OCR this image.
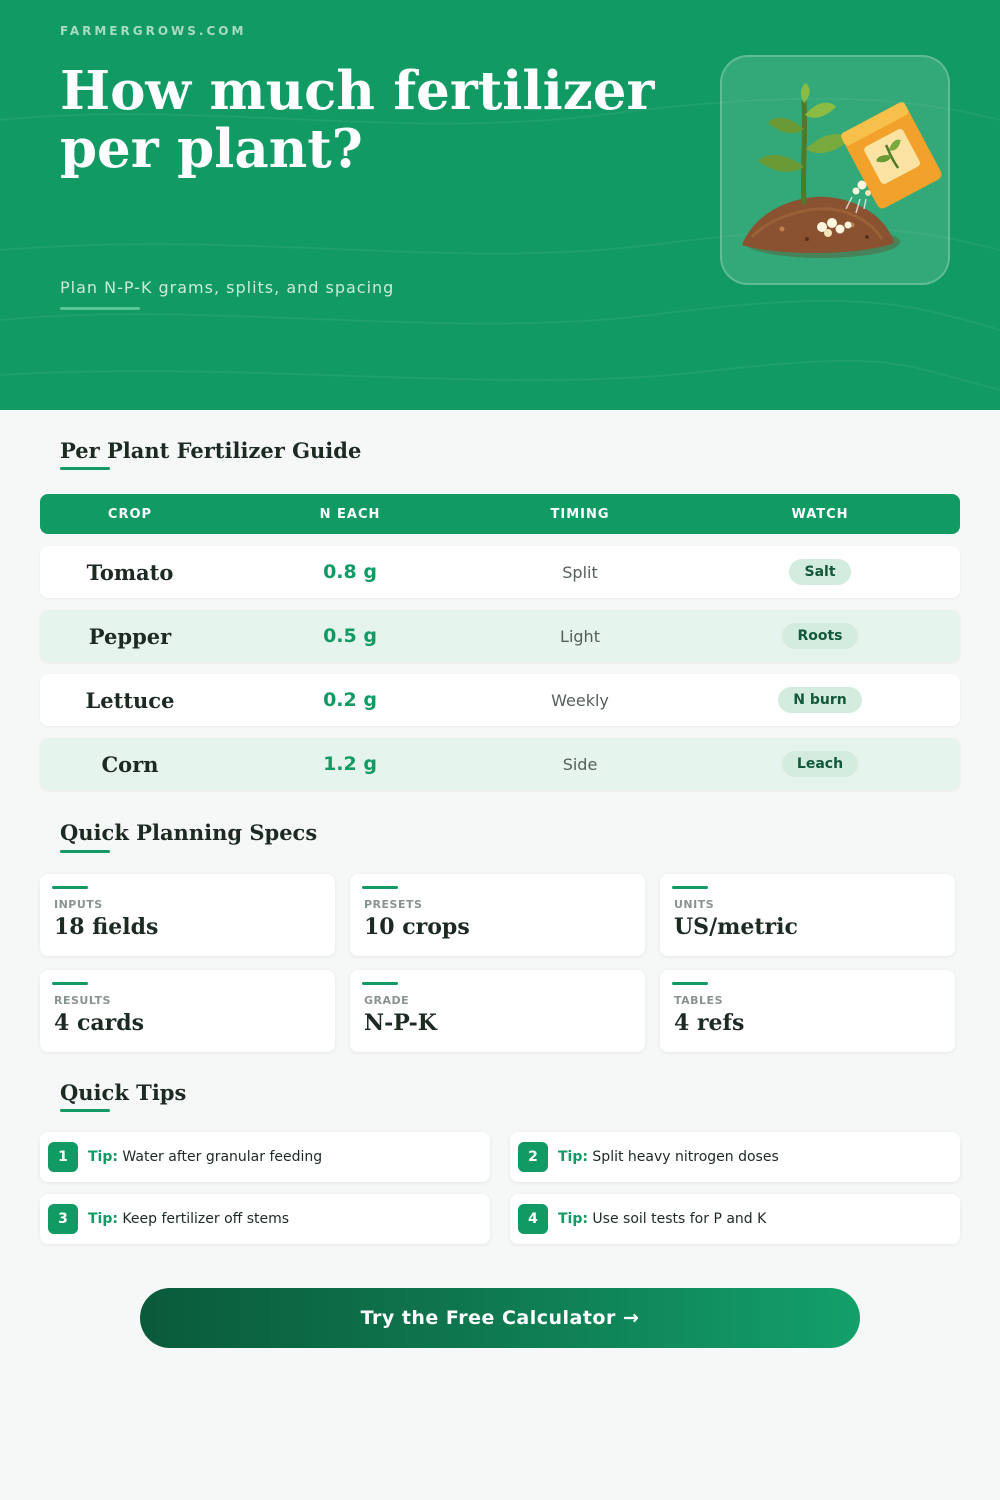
FARMERGROWS.COM
How much fertilizer per plant?
Plan N-P-K grams, splits, and spacing
Per Plant Fertilizer Guide
CROP	N EACH	TIMING	WATCH
Tomato	0.8 g	Split	Salt
Pepper	0.5 g	Light	Roots
Lettuce	0.2 g	Weekly	N burn
Corn	1.2 g	Side	Leach
Quick Planning Specs
INPUTS
18 fields
PRESETS
10 crops
UNITS
US/metric
RESULTS
4 cards
GRADE
N-P-K
TABLES
4 refs
Quick Tips
1	Tip: Water after granular feeding	2	Tip: Split heavy nitrogen doses
3	Tip: Keep fertilizer off stems	4	Tip: Use soil tests for P and K
Try the Free Calculator →
